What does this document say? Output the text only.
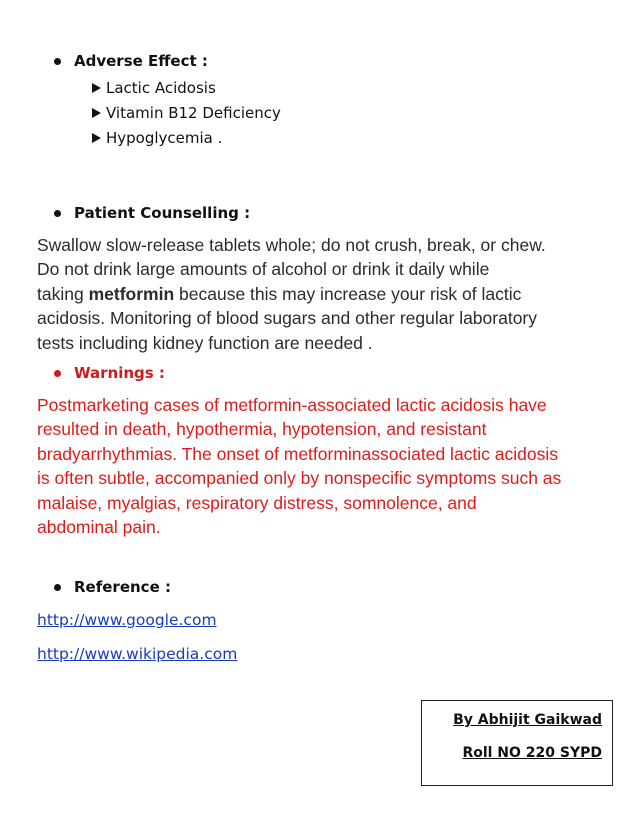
Adverse Effect :
Lactic Acidosis
Vitamin B12 Deficiency
Hypoglycemia .
Patient Counselling :
Swallow slow-release tablets whole; do not crush, break, or chew.
Do not drink large amounts of alcohol or drink it daily while
taking metformin because this may increase your risk of lactic
acidosis. Monitoring of blood sugars and other regular laboratory
tests including kidney function are needed .
Warnings :
Postmarketing cases of metformin-associated lactic acidosis have
resulted in death, hypothermia, hypotension, and resistant
bradyarrhythmias. The onset of metforminassociated lactic acidosis
is often subtle, accompanied only by nonspecific symptoms such as
malaise, myalgias, respiratory distress, somnolence, and
abdominal pain.
Reference :
http://www.google.com
http://www.wikipedia.com
By Abhijit Gaikwad
Roll NO 220 SYPD
